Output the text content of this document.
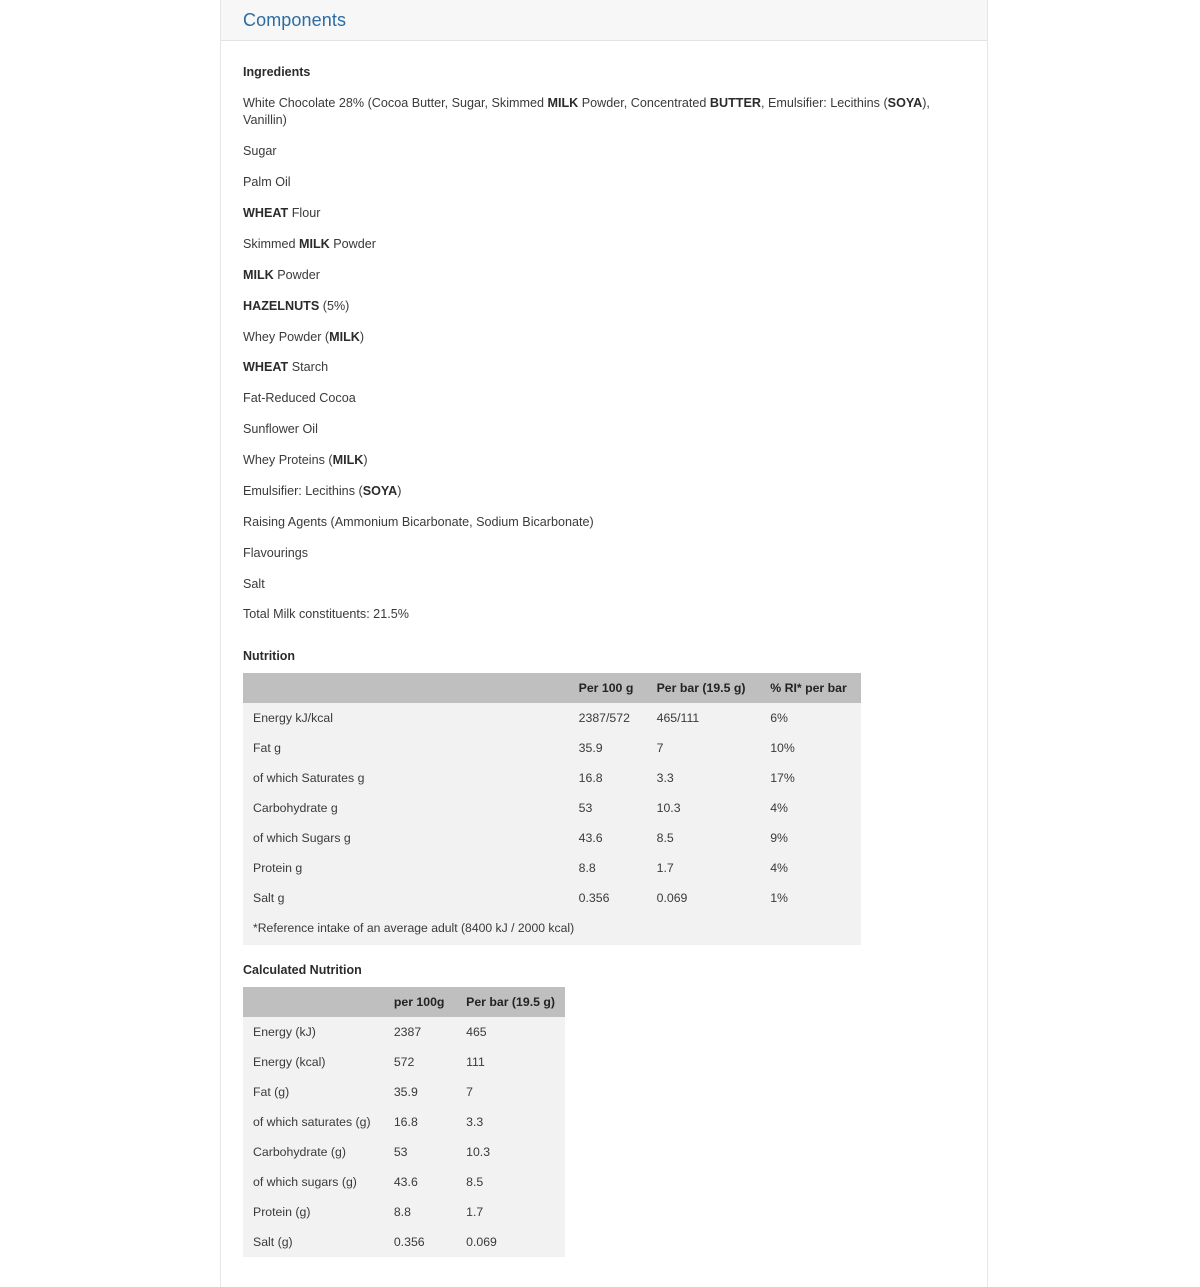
Components
Ingredients
White Chocolate 28% (Cocoa Butter, Sugar, Skimmed MILK Powder, Concentrated BUTTER, Emulsifier: Lecithins (SOYA), Vanillin)
Sugar
Palm Oil
WHEAT Flour
Skimmed MILK Powder
MILK Powder
HAZELNUTS (5%)
Whey Powder (MILK)
WHEAT Starch
Fat-Reduced Cocoa
Sunflower Oil
Whey Proteins (MILK)
Emulsifier: Lecithins (SOYA)
Raising Agents (Ammonium Bicarbonate, Sodium Bicarbonate)
Flavourings
Salt
Total Milk constituents: 21.5%
Nutrition
	Per 100 g	Per bar (19.5 g)	% RI* per bar
Energy kJ/kcal	2387/572	465/111	6%
Fat g	35.9	7	10%
of which Saturates g	16.8	3.3	17%
Carbohydrate g	53	10.3	4%
of which Sugars g	43.6	8.5	9%
Protein g	8.8	1.7	4%
Salt g	0.356	0.069	1%
*Reference intake of an average adult (8400 kJ / 2000 kcal)			
Calculated Nutrition
	per 100g	Per bar (19.5 g)
Energy (kJ)	2387	465
Energy (kcal)	572	111
Fat (g)	35.9	7
of which saturates (g)	16.8	3.3
Carbohydrate (g)	53	10.3
of which sugars (g)	43.6	8.5
Protein (g)	8.8	1.7
Salt (g)	0.356	0.069
